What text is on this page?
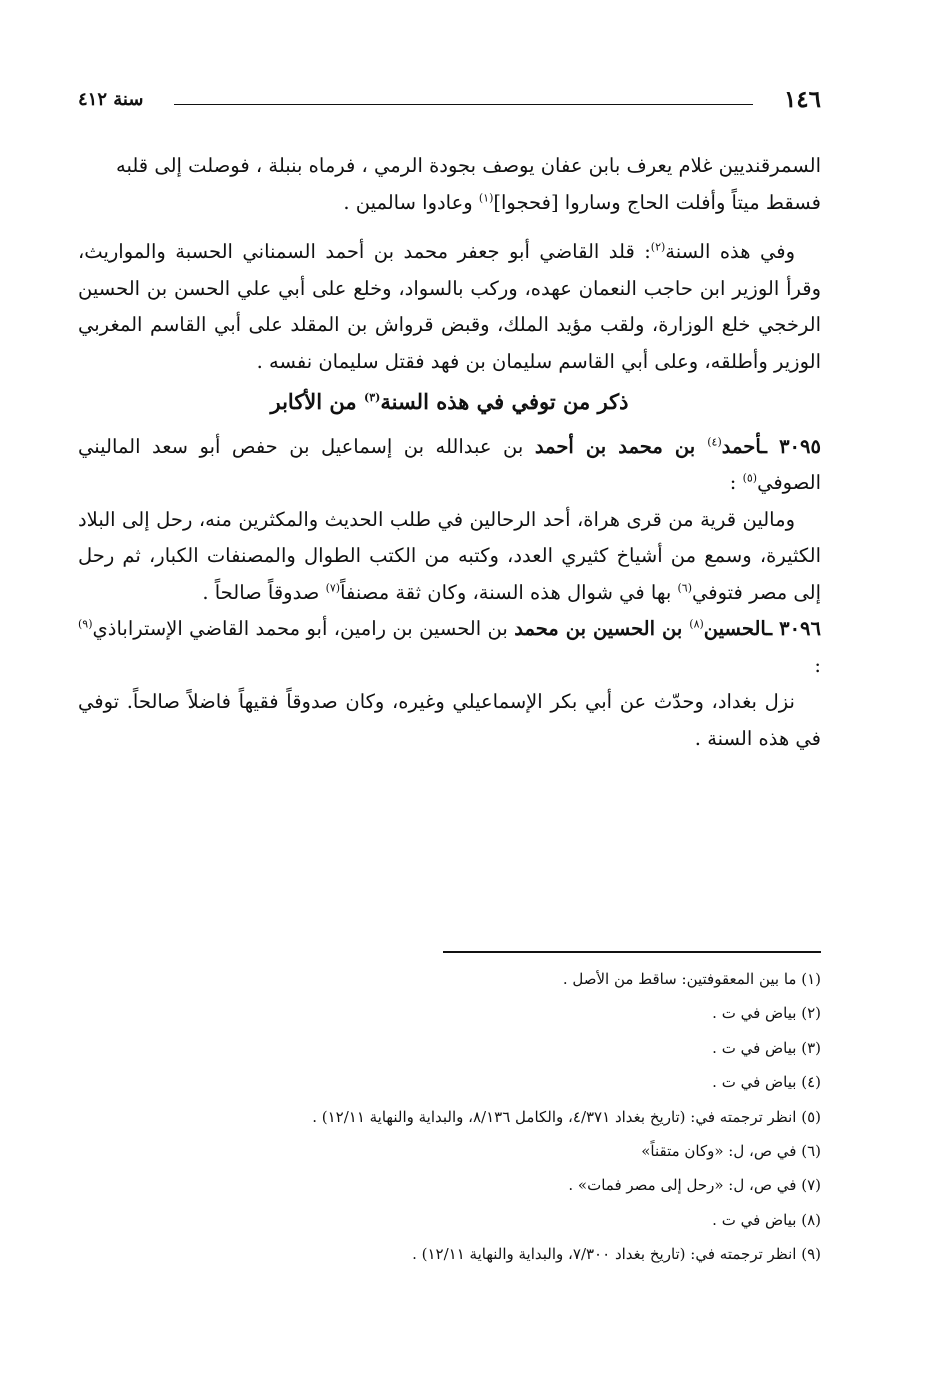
١٤٦
سنة ٤١٢

السمرقنديين غلام يعرف بابن عفان يوصف بجودة الرمي ، فرماه بنبلة ، فوصلت إلى قلبه
فسقط ميتاً وأفلت الحاج وساروا [فحجوا]$^{(١)}$ وعادوا سالمين .

وفي هذه السنة$^{(٢)}$: قلد القاضي أبو جعفر محمد بن أحمد السمناني الحسبة والمواريث، وقرأ الوزير ابن حاجب النعمان عهده، وركب بالسواد، وخلع على أبي علي الحسن بن الحسين الرخجي خلع الوزارة، ولقب مؤيد الملك، وقبض قرواش بن المقلد على أبي القاسم المغربي الوزير وأطلقه، وعلى أبي القاسم سليمان بن فهد فقتل سليمان نفسه .

ذكر من توفي في هذه السنة$^{(٣)}$ من الأكابر

٣٠٩٥ ـأحمد$^{(٤)}$ بن محمد بن أحمد بن عبدالله بن إسماعيل بن حفص أبو سعد الماليني الصوفي$^{(٥)}$ :

ومالين قرية من قرى هراة، أحد الرحالين في طلب الحديث والمكثرين منه، رحل إلى البلاد الكثيرة، وسمع من أشياخ كثيري العدد، وكتبه من الكتب الطوال والمصنفات الكبار، ثم رحل إلى مصر فتوفي$^{(٦)}$ بها في شوال هذه السنة، وكان ثقة مصنفاً$^{(٧)}$ صدوقاً صالحاً .

٣٠٩٦ ـالحسين$^{(٨)}$ بن الحسين بن محمد بن الحسين بن رامين، أبو محمد القاضي الإستراباذي$^{(٩)}$ :

نزل بغداد، وحدّث عن أبي بكر الإسماعيلي وغيره، وكان صدوقاً فقيهاً فاضلاً صالحاً. توفي في هذه السنة .

(١) ما بين المعقوفتين: ساقط من الأصل .

(٢) بياض في ت .

(٣) بياض في ت .

(٤) بياض في ت .

(٥) انظر ترجمته في: (تاريخ بغداد ٤/٣٧١، والكامل ٨/١٣٦، والبداية والنهاية ١٢/١١) .

(٦) في ص، ل: «وكان متقناً»

(٧) في ص، ل: «رحل إلى مصر فمات» .

(٨) بياض في ت .

(٩) انظر ترجمته في: (تاريخ بغداد ٧/٣٠٠، والبداية والنهاية ١٢/١١) .
